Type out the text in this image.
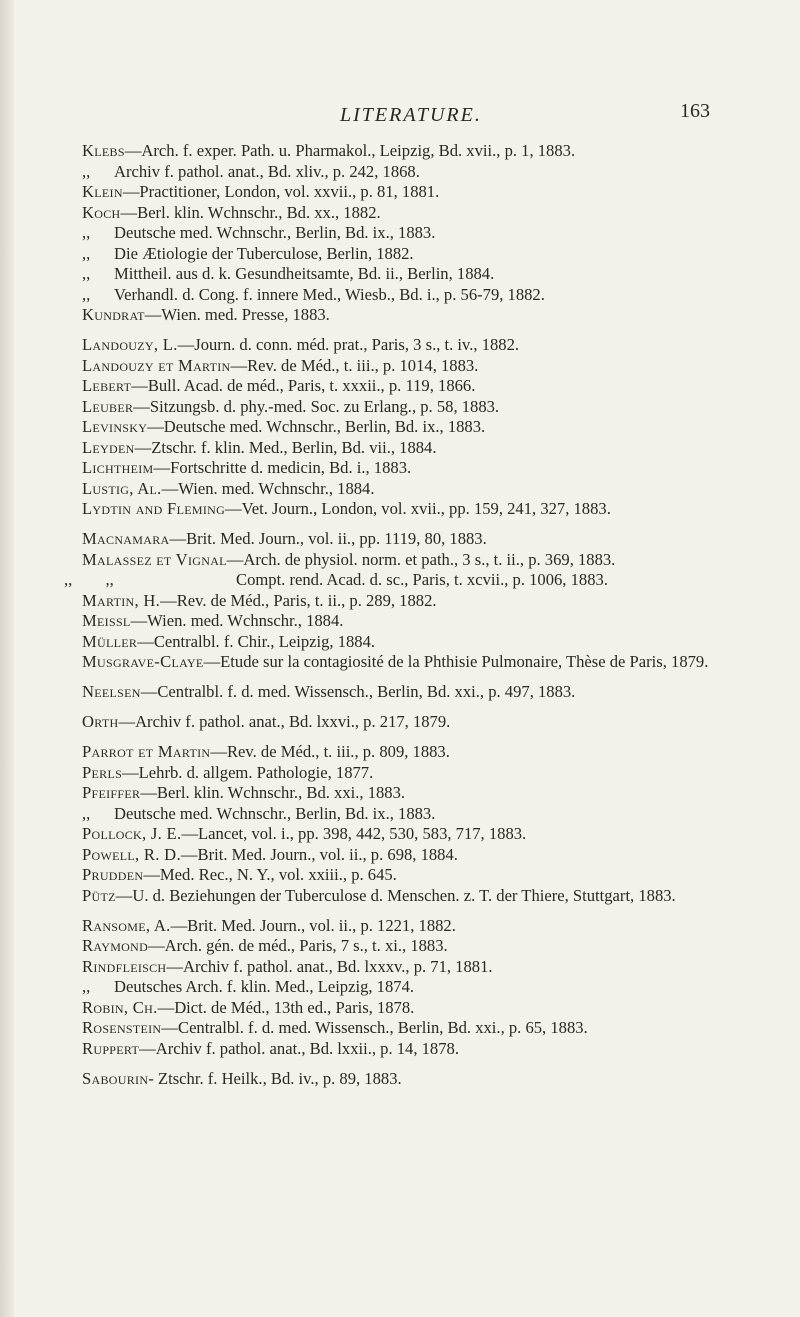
LITERATURE.	163
Klebs—Arch. f. exper. Path. u. Pharmakol., Leipzig, Bd. xvii., p. 1, 1883.
,, Archiv f. pathol. anat., Bd. xliv., p. 242, 1868.
Klein—Practitioner, London, vol. xxvii., p. 81, 1881.
Koch—Berl. klin. Wchnschr., Bd. xx., 1882.
,, Deutsche med. Wchnschr., Berlin, Bd. ix., 1883.
,, Die Ætiologie der Tuberculose, Berlin, 1882.
,, Mittheil. aus d. k. Gesundheitsamte, Bd. ii., Berlin, 1884.
,, Verhandl. d. Cong. f. innere Med., Wiesb., Bd. i., p. 56-79, 1882.
Kundrat—Wien. med. Presse, 1883.
Landouzy, L.—Journ. d. conn. méd. prat., Paris, 3 s., t. iv., 1882.
Landouzy et Martin—Rev. de Méd., t. iii., p. 1014, 1883.
Lebert—Bull. Acad. de méd., Paris, t. xxxii., p. 119, 1866.
Leuber—Sitzungsb. d. phy.-med. Soc. zu Erlang., p. 58, 1883.
Levinsky—Deutsche med. Wchnschr., Berlin, Bd. ix., 1883.
Leyden—Ztschr. f. klin. Med., Berlin, Bd. vii., 1884.
Lichtheim—Fortschritte d. medicin, Bd. i., 1883.
Lustig, Al.—Wien. med. Wchnschr., 1884.
Lydtin and Fleming—Vet. Journ., London, vol. xvii., pp. 159, 241, 327, 1883.
Macnamara—Brit. Med. Journ., vol. ii., pp. 1119, 80, 1883.
Malassez et Vignal—Arch. de physiol. norm. et path., 3 s., t. ii., p. 369, 1883.
,,        ,,	Compt. rend. Acad. d. sc., Paris, t. xcvii., p. 1006, 1883.
Martin, H.—Rev. de Méd., Paris, t. ii., p. 289, 1882.
Meissl—Wien. med. Wchnschr., 1884.
Müller—Centralbl. f. Chir., Leipzig, 1884.
Musgrave-Claye—Etude sur la contagiosité de la Phthisie Pulmonaire, Thèse de Paris, 1879.
Neelsen—Centralbl. f. d. med. Wissensch., Berlin, Bd. xxi., p. 497, 1883.
Orth—Archiv f. pathol. anat., Bd. lxxvi., p. 217, 1879.
Parrot et Martin—Rev. de Méd., t. iii., p. 809, 1883.
Perls—Lehrb. d. allgem. Pathologie, 1877.
Pfeiffer—Berl. klin. Wchnschr., Bd. xxi., 1883.
,, Deutsche med. Wchnschr., Berlin, Bd. ix., 1883.
Pollock, J. E.—Lancet, vol. i., pp. 398, 442, 530, 583, 717, 1883.
Powell, R. D.—Brit. Med. Journ., vol. ii., p. 698, 1884.
Prudden—Med. Rec., N. Y., vol. xxiii., p. 645.
Pütz—U. d. Beziehungen der Tuberculose d. Menschen. z. T. der Thiere, Stuttgart, 1883.
Ransome, A.—Brit. Med. Journ., vol. ii., p. 1221, 1882.
Raymond—Arch. gén. de méd., Paris, 7 s., t. xi., 1883.
Rindfleisch—Archiv f. pathol. anat., Bd. lxxxv., p. 71, 1881.
,, Deutsches Arch. f. klin. Med., Leipzig, 1874.
Robin, Ch.—Dict. de Méd., 13th ed., Paris, 1878.
Rosenstein—Centralbl. f. d. med. Wissensch., Berlin, Bd. xxi., p. 65, 1883.
Ruppert—Archiv f. pathol. anat., Bd. lxxii., p. 14, 1878.
Sabourin- Ztschr. f. Heilk., Bd. iv., p. 89, 1883.
